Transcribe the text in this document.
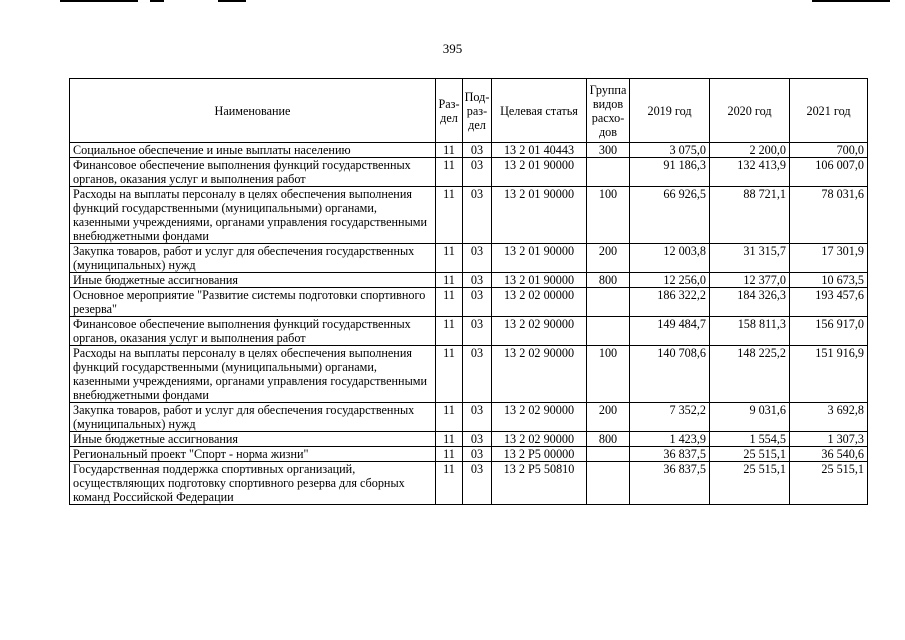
395
Наименование	Раз-дел	Под-раз-дел	Целевая статья	Группа видов расхо-дов	2019 год	2020 год	2021 год
Социальное обеспечение и иные выплаты населению	11	03	13 2 01 40443	300	3 075,0	2 200,0	700,0
Финансовое обеспечение выполнения функций государственных органов, оказания услуг и выполнения работ	11	03	13 2 01 90000		91 186,3	132 413,9	106 007,0
Расходы на выплаты персоналу в целях обеспечения выполнения функций государственными (муниципальными) органами, казенными учреждениями, органами управления государственными внебюджетными фондами	11	03	13 2 01 90000	100	66 926,5	88 721,1	78 031,6
Закупка товаров, работ и услуг для обеспечения государственных (муниципальных) нужд	11	03	13 2 01 90000	200	12 003,8	31 315,7	17 301,9
Иные бюджетные ассигнования	11	03	13 2 01 90000	800	12 256,0	12 377,0	10 673,5
Основное мероприятие "Развитие системы подготовки спортивного резерва"	11	03	13 2 02 00000		186 322,2	184 326,3	193 457,6
Финансовое обеспечение выполнения функций государственных органов, оказания услуг и выполнения работ	11	03	13 2 02 90000		149 484,7	158 811,3	156 917,0
Расходы на выплаты персоналу в целях обеспечения выполнения функций государственными (муниципальными) органами, казенными учреждениями, органами управления государственными внебюджетными фондами	11	03	13 2 02 90000	100	140 708,6	148 225,2	151 916,9
Закупка товаров, работ и услуг для обеспечения государственных (муниципальных) нужд	11	03	13 2 02 90000	200	7 352,2	9 031,6	3 692,8
Иные бюджетные ассигнования	11	03	13 2 02 90000	800	1 423,9	1 554,5	1 307,3
Региональный проект "Спорт - норма жизни"	11	03	13 2 P5 00000		36 837,5	25 515,1	36 540,6
Государственная поддержка спортивных организаций, осуществляющих подготовку спортивного резерва для сборных команд Российской Федерации	11	03	13 2 P5 50810		36 837,5	25 515,1	25 515,1
